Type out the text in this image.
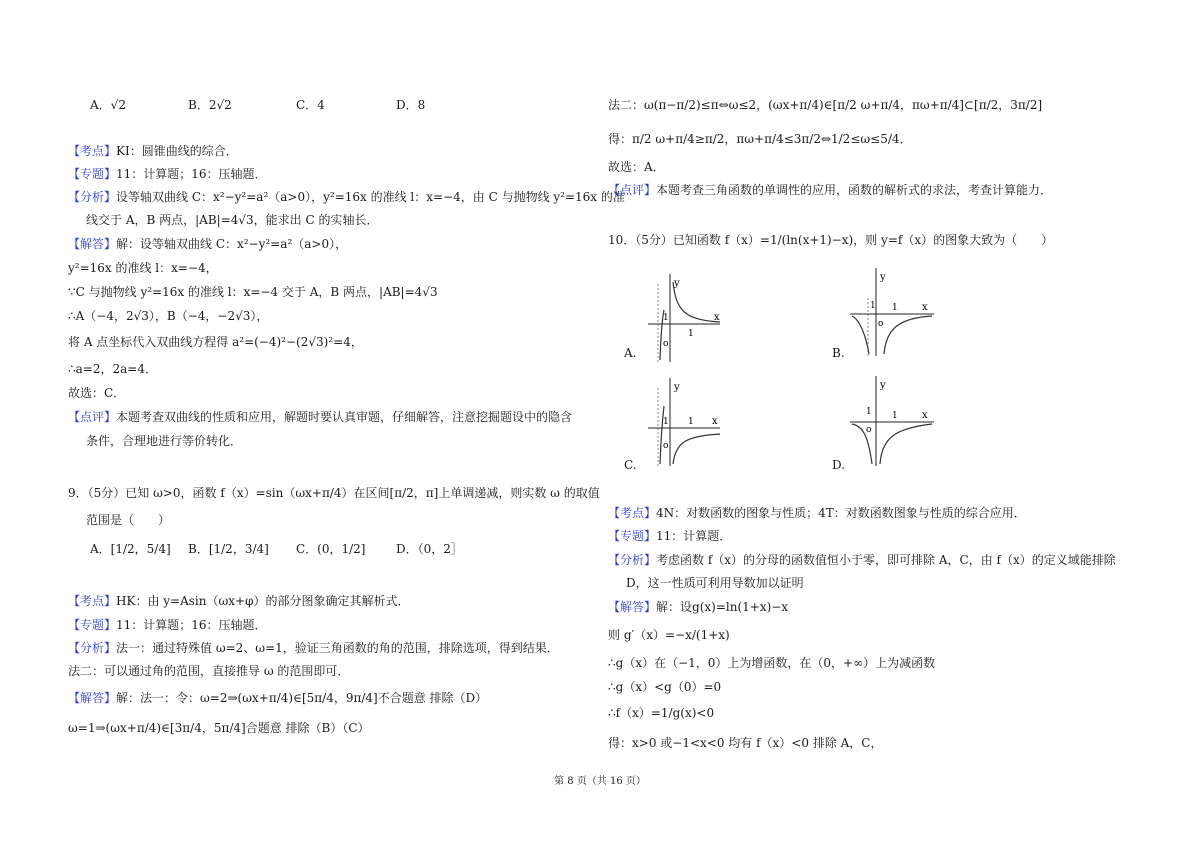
A．√2	B．2√2	C．4	D．8
【考点】KI：圆锥曲线的综合．
【专题】11：计算题；16：压轴题．
【分析】设等轴双曲线 C：x²−y²=a²（a>0），y²=16x 的准线 l：x=−4，由 C 与抛物线 y²=16x 的准
线交于 A，B 两点，|AB|=4√3，能求出 C 的实轴长．
【解答】解：设等轴双曲线 C：x²−y²=a²（a>0），
y²=16x 的准线 l：x=−4，
∵C 与抛物线 y²=16x 的准线 l：x=−4 交于 A，B 两点，|AB|=4√3
∴A（−4，2√3），B（−4，−2√3），
将 A 点坐标代入双曲线方程得 a²=(−4)²−(2√3)²=4，
∴a=2，2a=4．
故选：C．
【点评】本题考查双曲线的性质和应用，解题时要认真审题，仔细解答，注意挖掘题设中的隐含
条件，合理地进行等价转化．
9．（5分）已知 ω>0，函数 f（x）=sin（ωx+π/4）在区间[π/2，π]上单调递减，则实数 ω 的取值
范围是（　　）
A．[1/2，5/4] B．[1/2，3/4] C．(0，1/2]	D．（0，2］
【考点】HK：由 y=Asin（ωx+φ）的部分图象确定其解析式．
【专题】11：计算题；16：压轴题．
【分析】法一：通过特殊值 ω=2、ω=1，验证三角函数的角的范围，排除选项，得到结果．
法二：可以通过角的范围，直接推导 ω 的范围即可．
【解答】解：法一：令：ω=2⇒(ωx+π/4)∈[5π/4，9π/4]不合题意 排除（D）
ω=1⇒(ωx+π/4)∈[3π/4，5π/4]合题意 排除（B）（C）
法二：ω(π−π/2)≤π⇔ω≤2，(ωx+π/4)∈[π/2 ω+π/4，πω+π/4]⊂[π/2，3π/2]
得：π/2 ω+π/4≥π/2，πω+π/4≤3π/2⇔1/2≤ω≤5/4．
故选：A．
【点评】本题考查三角函数的单调性的应用，函数的解析式的求法，考查计算能力．
10．（5分）已知函数 f（x）=1/(ln(x+1)−x)，则 y=f（x）的图象大致为（　　）
A.
y
x
1
1
o
B.
y
x
1 1
o
C.
y
x
1 1
o
D.
y
x
1 1
o
【考点】4N：对数函数的图象与性质；4T：对数函数图象与性质的综合应用．
【专题】11：计算题．
【分析】考虑函数 f（x）的分母的函数值恒小于零，即可排除 A，C，由 f（x）的定义域能排除
D，这一性质可利用导数加以证明
【解答】解：设g(x)=ln(1+x)−x
则 g′（x）=−x/(1+x)
∴g（x）在（−1，0）上为增函数，在（0，+∞）上为减函数
∴g（x）<g（0）=0
∴f（x）=1/g(x)<0
得：x>0 或−1<x<0 均有 f（x）<0 排除 A，C，
第 8 页（共 16 页）
